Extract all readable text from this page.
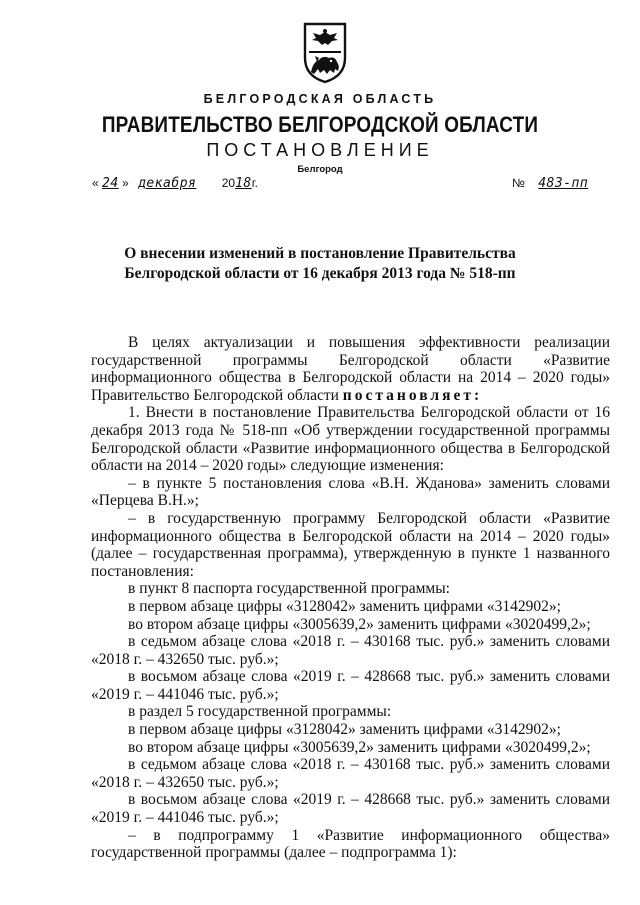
БЕЛГОРОДСКАЯ ОБЛАСТЬ
ПРАВИТЕЛЬСТВО БЕЛГОРОДСКОЙ ОБЛАСТИ
ПОСТАНОВЛЕНИЕ
Белгород
« 24 » декабря 2018г.	№ 483-пп
О внесении изменений в постановление Правительства
Белгородской области от 16 декабря 2013 года № 518-пп

В целях актуализации и повышения эффективности реализации государственной программы Белгородской области «Развитие информационного общества в Белгородской области на 2014 – 2020 годы» Правительство Белгородской области постановляет:

1. Внести в постановление Правительства Белгородской области от 16 декабря 2013 года № 518-пп «Об утверждении государственной программы Белгородской области «Развитие информационного общества в Белгородской области на 2014 – 2020 годы» следующие изменения:

– в пункте 5 постановления слова «В.Н. Жданова» заменить словами «Перцева В.Н.»;

– в государственную программу Белгородской области «Развитие информационного общества в Белгородской области на 2014 – 2020 годы» (далее – государственная программа), утвержденную в пункте 1 названного постановления:

в пункт 8 паспорта государственной программы:

в первом абзаце цифры «3128042» заменить цифрами «3142902»;

во втором абзаце цифры «3005639,2» заменить цифрами «3020499,2»;

в седьмом абзаце слова «2018 г. – 430168 тыс. руб.» заменить словами «2018 г. – 432650 тыс. руб.»;

в восьмом абзаце слова «2019 г. – 428668 тыс. руб.» заменить словами «2019 г. – 441046 тыс. руб.»;

в раздел 5 государственной программы:

в первом абзаце цифры «3128042» заменить цифрами «3142902»;

во втором абзаце цифры «3005639,2» заменить цифрами «3020499,2»;

в седьмом абзаце слова «2018 г. – 430168 тыс. руб.» заменить словами «2018 г. – 432650 тыс. руб.»;

в восьмом абзаце слова «2019 г. – 428668 тыс. руб.» заменить словами «2019 г. – 441046 тыс. руб.»;

– в подпрограмму 1 «Развитие информационного общества» государственной программы (далее – подпрограмма 1):
